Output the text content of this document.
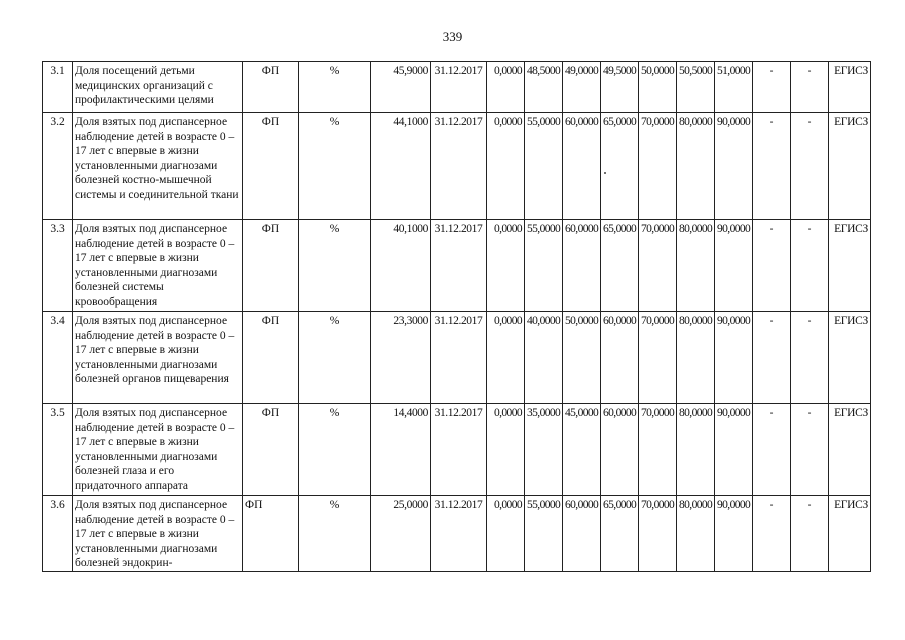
339
3.1	Доля посещений детьми медицинских организаций с профилактическими целями	ФП	%	45,9000	31.12.2017	0,0000	48,5000	49,0000	49,5000	50,0000	50,5000	51,0000	-	-	ЕГИСЗ
3.2	Доля взятых под диспансерное наблюдение детей в возрасте 0 – 17 лет с впервые в жизни установленными диагнозами болезней костно-мышечной системы и соединительной ткани	ФП	%	44,1000	31.12.2017	0,0000	55,0000	60,0000	65,0000	70,0000	80,0000	90,0000	-	-	ЕГИСЗ
3.3	Доля взятых под диспансерное наблюдение детей в возрасте 0 – 17 лет с впервые в жизни установленными диагнозами болезней системы кровообращения	ФП	%	40,1000	31.12.2017	0,0000	55,0000	60,0000	65,0000	70,0000	80,0000	90,0000	-	-	ЕГИСЗ
3.4	Доля взятых под диспансерное наблюдение детей в возрасте 0 – 17 лет с впервые в жизни установленными диагнозами болезней органов пищеварения	ФП	%	23,3000	31.12.2017	0,0000	40,0000	50,0000	60,0000	70,0000	80,0000	90,0000	-	-	ЕГИСЗ
3.5	Доля взятых под диспансерное наблюдение детей в возрасте 0 – 17 лет с впервые в жизни установленными диагнозами болезней глаза и его придаточного аппарата	ФП	%	14,4000	31.12.2017	0,0000	35,0000	45,0000	60,0000	70,0000	80,0000	90,0000	-	-	ЕГИСЗ
3.6	Доля взятых под диспансерное наблюдение детей в возрасте 0 – 17 лет с впервые в жизни установленными диагнозами болезней эндокрин-	ФП	%	25,0000	31.12.2017	0,0000	55,0000	60,0000	65,0000	70,0000	80,0000	90,0000	-	-	ЕГИСЗ
